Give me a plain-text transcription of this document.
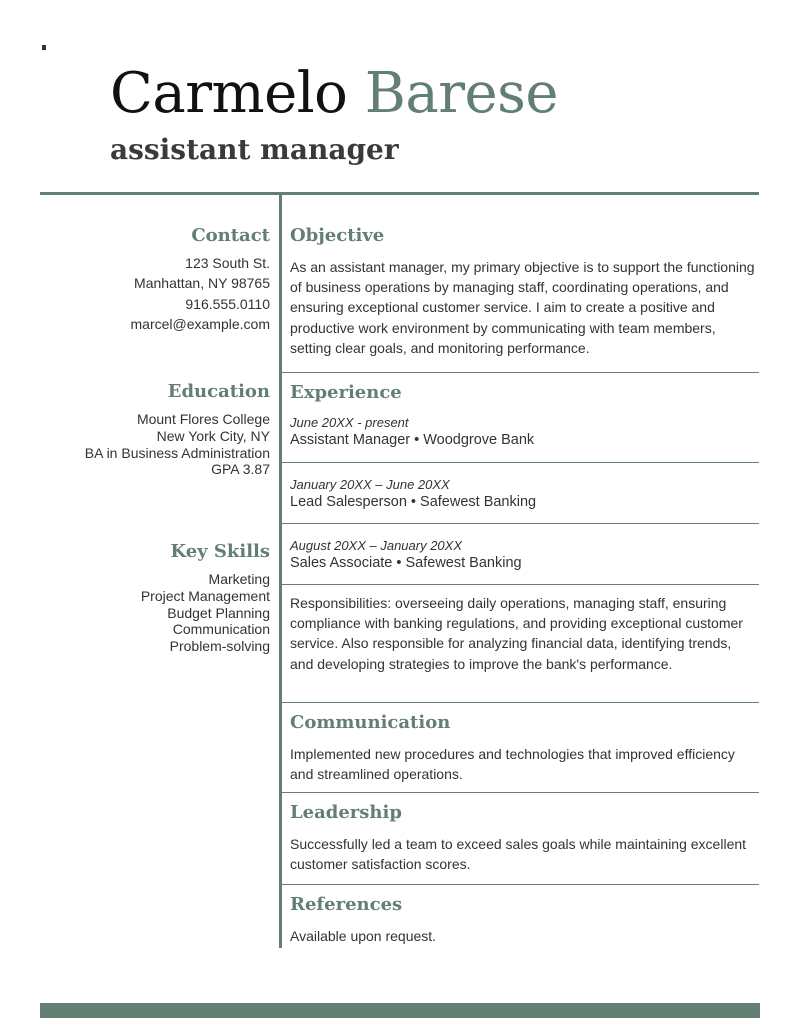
Carmelo Barese
assistant manager
Contact
123 South St.
Manhattan, NY 98765
916.555.0110
marcel@example.com
Education
Mount Flores College
New York City, NY
BA in Business Administration
GPA 3.87
Key Skills
Marketing
Project Management
Budget Planning
Communication
Problem-solving
Objective
As an assistant manager, my primary objective is to support the functioning of business operations by managing staff, coordinating operations, and ensuring exceptional customer service. I aim to create a positive and productive work environment by communicating with team members, setting clear goals, and monitoring performance.
Experience
June 20XX - present
Assistant Manager • Woodgrove Bank
January 20XX – June 20XX
Lead Salesperson • Safewest Banking
August 20XX – January 20XX
Sales Associate • Safewest Banking
Responsibilities: overseeing daily operations, managing staff, ensuring compliance with banking regulations, and providing exceptional customer service. Also responsible for analyzing financial data, identifying trends, and developing strategies to improve the bank's performance.
Communication
Implemented new procedures and technologies that improved efficiency and streamlined operations.
Leadership
Successfully led a team to exceed sales goals while maintaining excellent customer satisfaction scores.
References
Available upon request.
